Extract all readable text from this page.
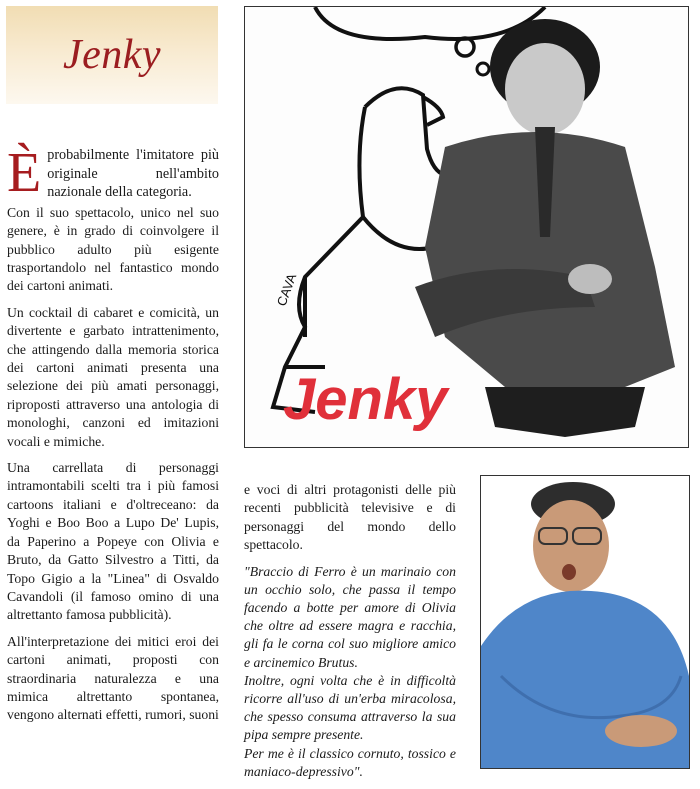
Jenky

Èprobabilmente l'imitatore più originale nell'ambito nazionale della categoria.

Con il suo spettacolo, unico nel suo genere, è in grado di coinvolgere il pubblico adulto più esigente trasportandolo nel fantastico mondo dei cartoni animati.

Un cocktail di cabaret e comicità, un divertente e garbato intrattenimento, che attingendo dalla memoria storica dei cartoni animati presenta una selezione dei più amati personaggi, riproposti attraverso una antologia di monologhi, canzoni ed imitazioni vocali e mimiche.

Una carrellata di personaggi intramontabili scelti tra i più famosi cartoons italiani e d'oltreceano: da Yoghi e Boo Boo a Lupo De' Lupis, da Paperino a Popeye con Olivia e Bruto, da Gatto Silvestro a Titti, da Topo Gigio a la "Linea" di Osvaldo Cavandoli (il famoso omino di una altrettanto famosa pubblicità).

All'interpretazione dei mitici eroi dei cartoni animati, proposti con straordinaria naturalezza e una mimica altrettanto spontanea, vengono alternati effetti, rumori, suoni

e voci di altri protagonisti delle più recenti pubblicità televisive e di personaggi del mondo dello spettacolo.

"Braccio di Ferro è un marinaio con un occhio solo, che passa il tempo facendo a botte per amore di Olivia che oltre ad essere magra e racchia, gli fa le corna col suo migliore amico e arcinemico Brutus.
Inoltre, ogni volta che è in difficoltà ricorre all'uso di un'erba miracolosa, che spesso consuma attraverso la sua pipa sempre presente.
Per me è il classico cornuto, tossico e maniaco-depressivo".

CAVA
Jenky
